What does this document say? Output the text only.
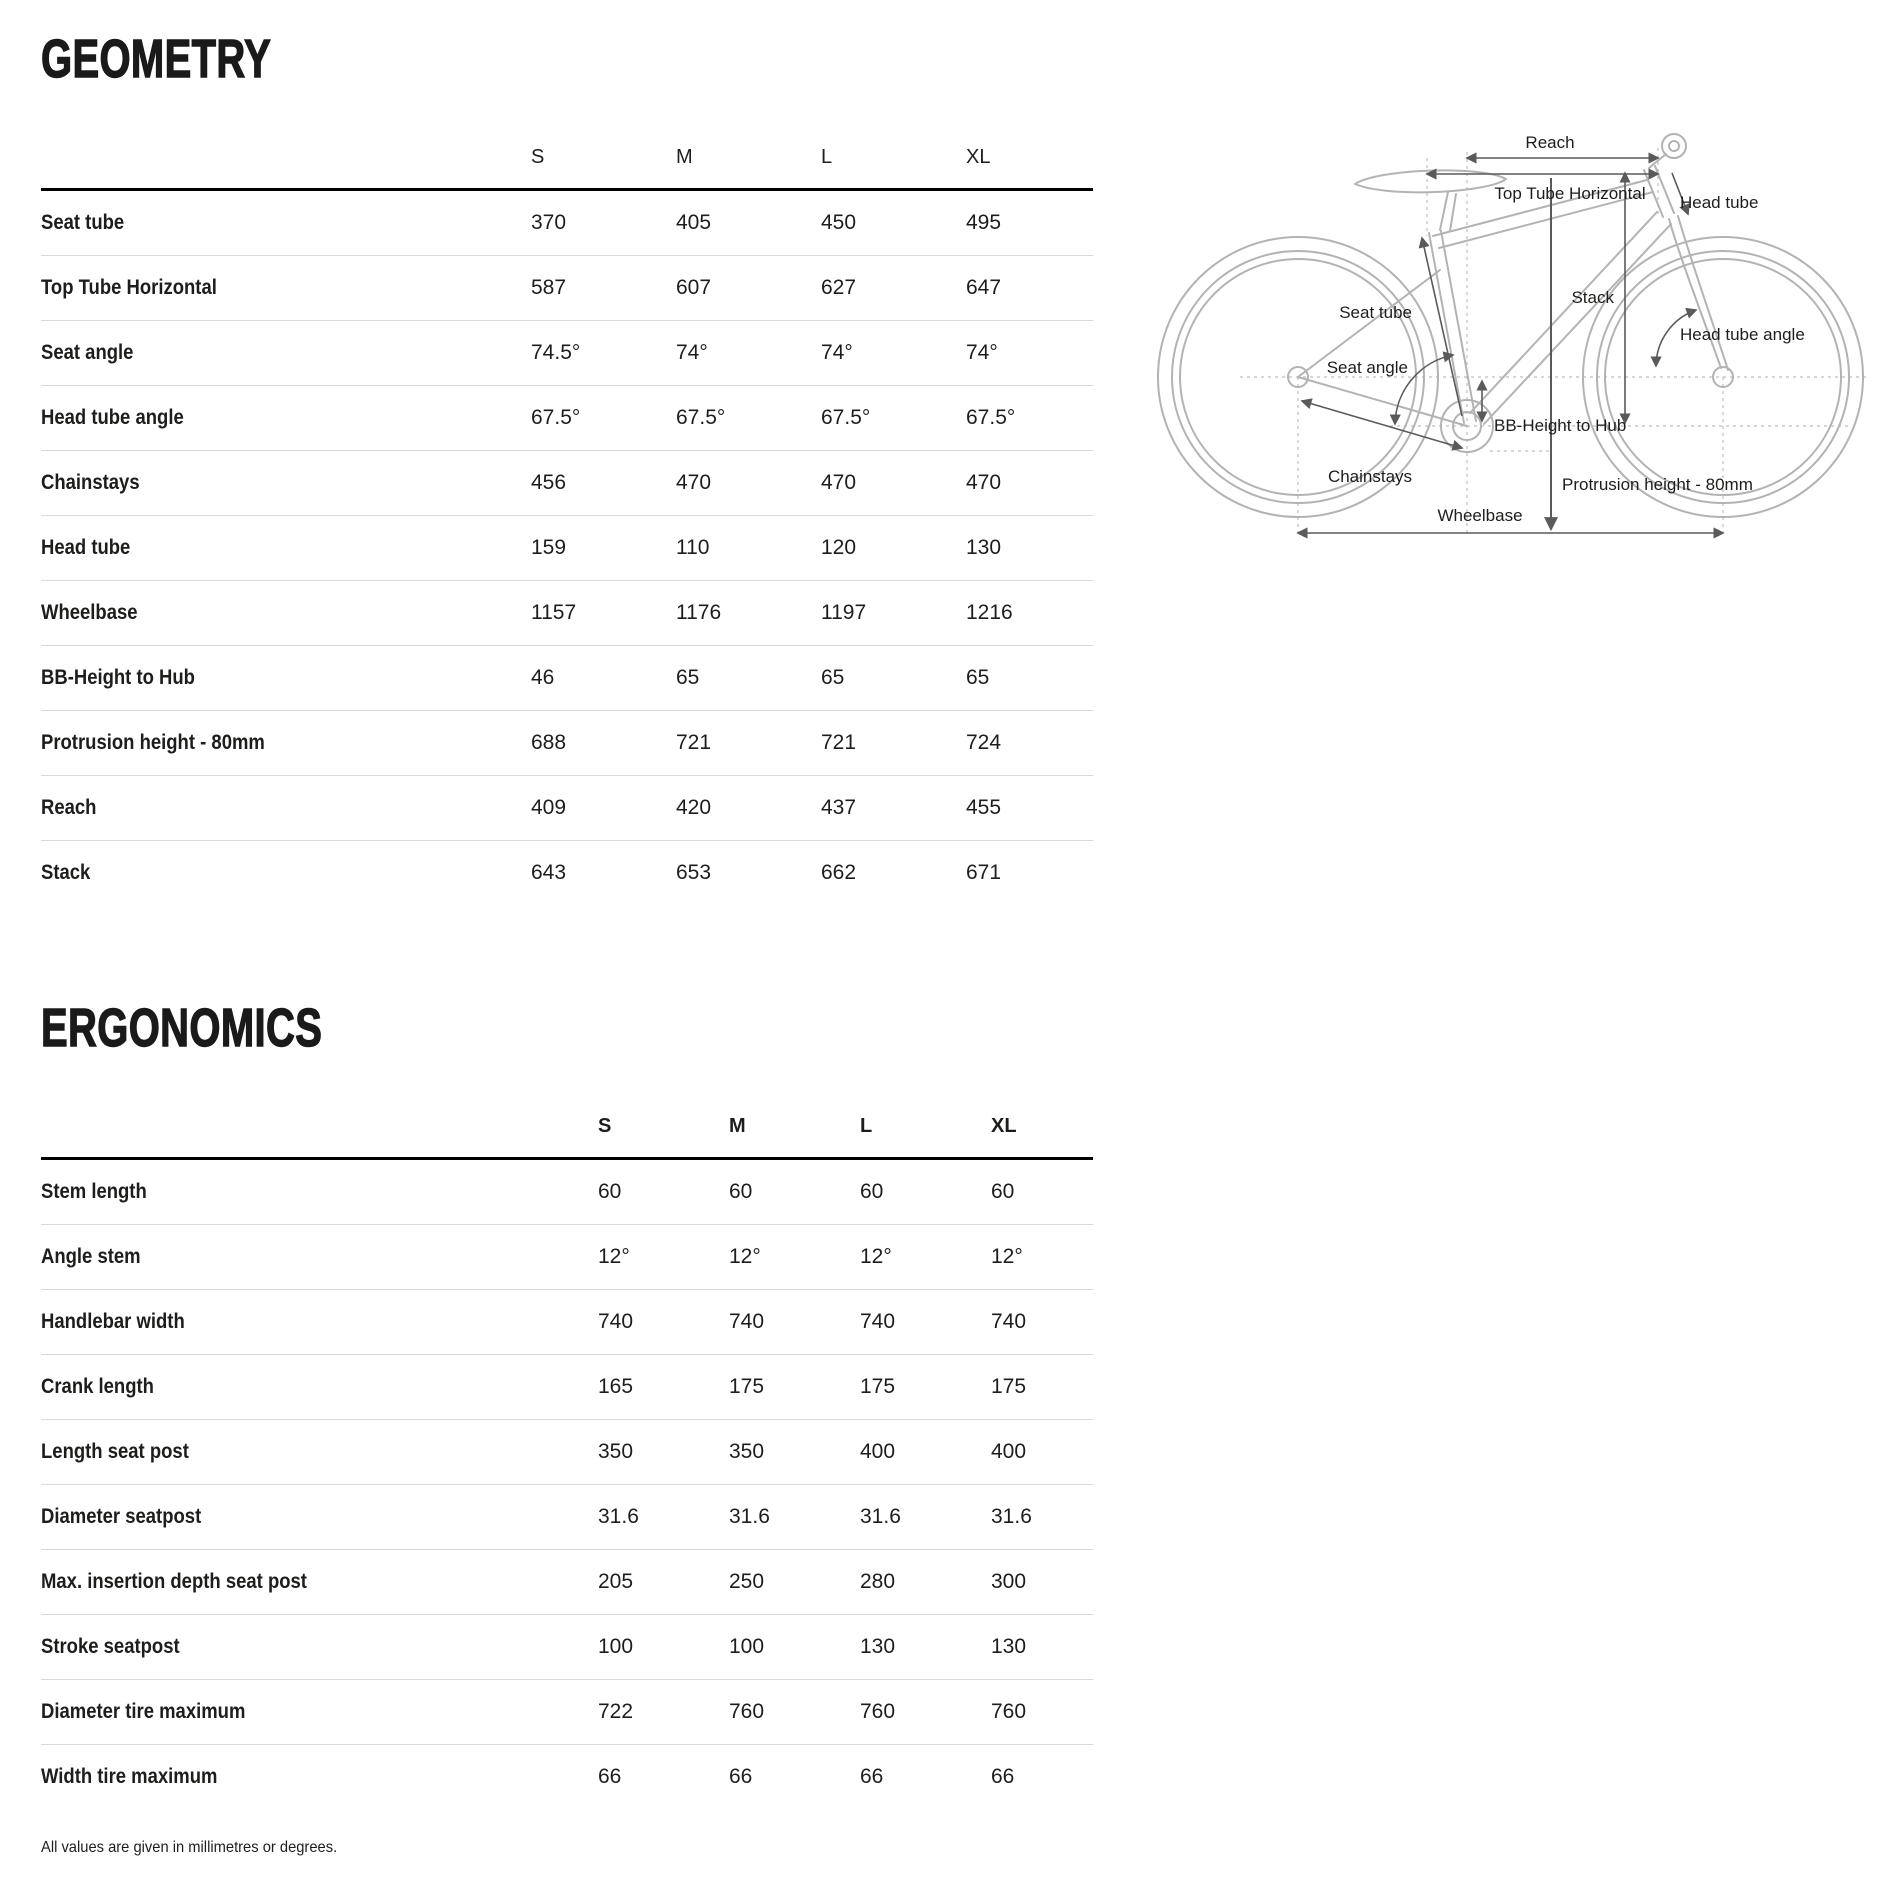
GEOMETRY
	S	M	L	XL
Seat tube	370	405	450	495
Top Tube Horizontal	587	607	627	647
Seat angle	74.5°	74°	74°	74°
Head tube angle	67.5°	67.5°	67.5°	67.5°
Chainstays	456	470	470	470
Head tube	159	110	120	130
Wheelbase	1157	1176	1197	1216
BB-Height to Hub	46	65	65	65
Protrusion height - 80mm	688	721	721	724
Reach	409	420	437	455
Stack	643	653	662	671
ERGONOMICS
	S	M	L	XL
Stem length	60	60	60	60
Angle stem	12°	12°	12°	12°
Handlebar width	740	740	740	740
Crank length	165	175	175	175
Length seat post	350	350	400	400
Diameter seatpost	31.6	31.6	31.6	31.6
Max. insertion depth seat post	205	250	280	300
Stroke seatpost	100	100	130	130
Diameter tire maximum	722	760	760	760
Width tire maximum	66	66	66	66

All values are given in millimetres or degrees.

Reach
Top Tube Horizontal Head tube
Stack
Seat tube
Seat angle
Head tube angle
BB-Height to Hub
Chainstays	Protrusion height - 80mm
Wheelbase
